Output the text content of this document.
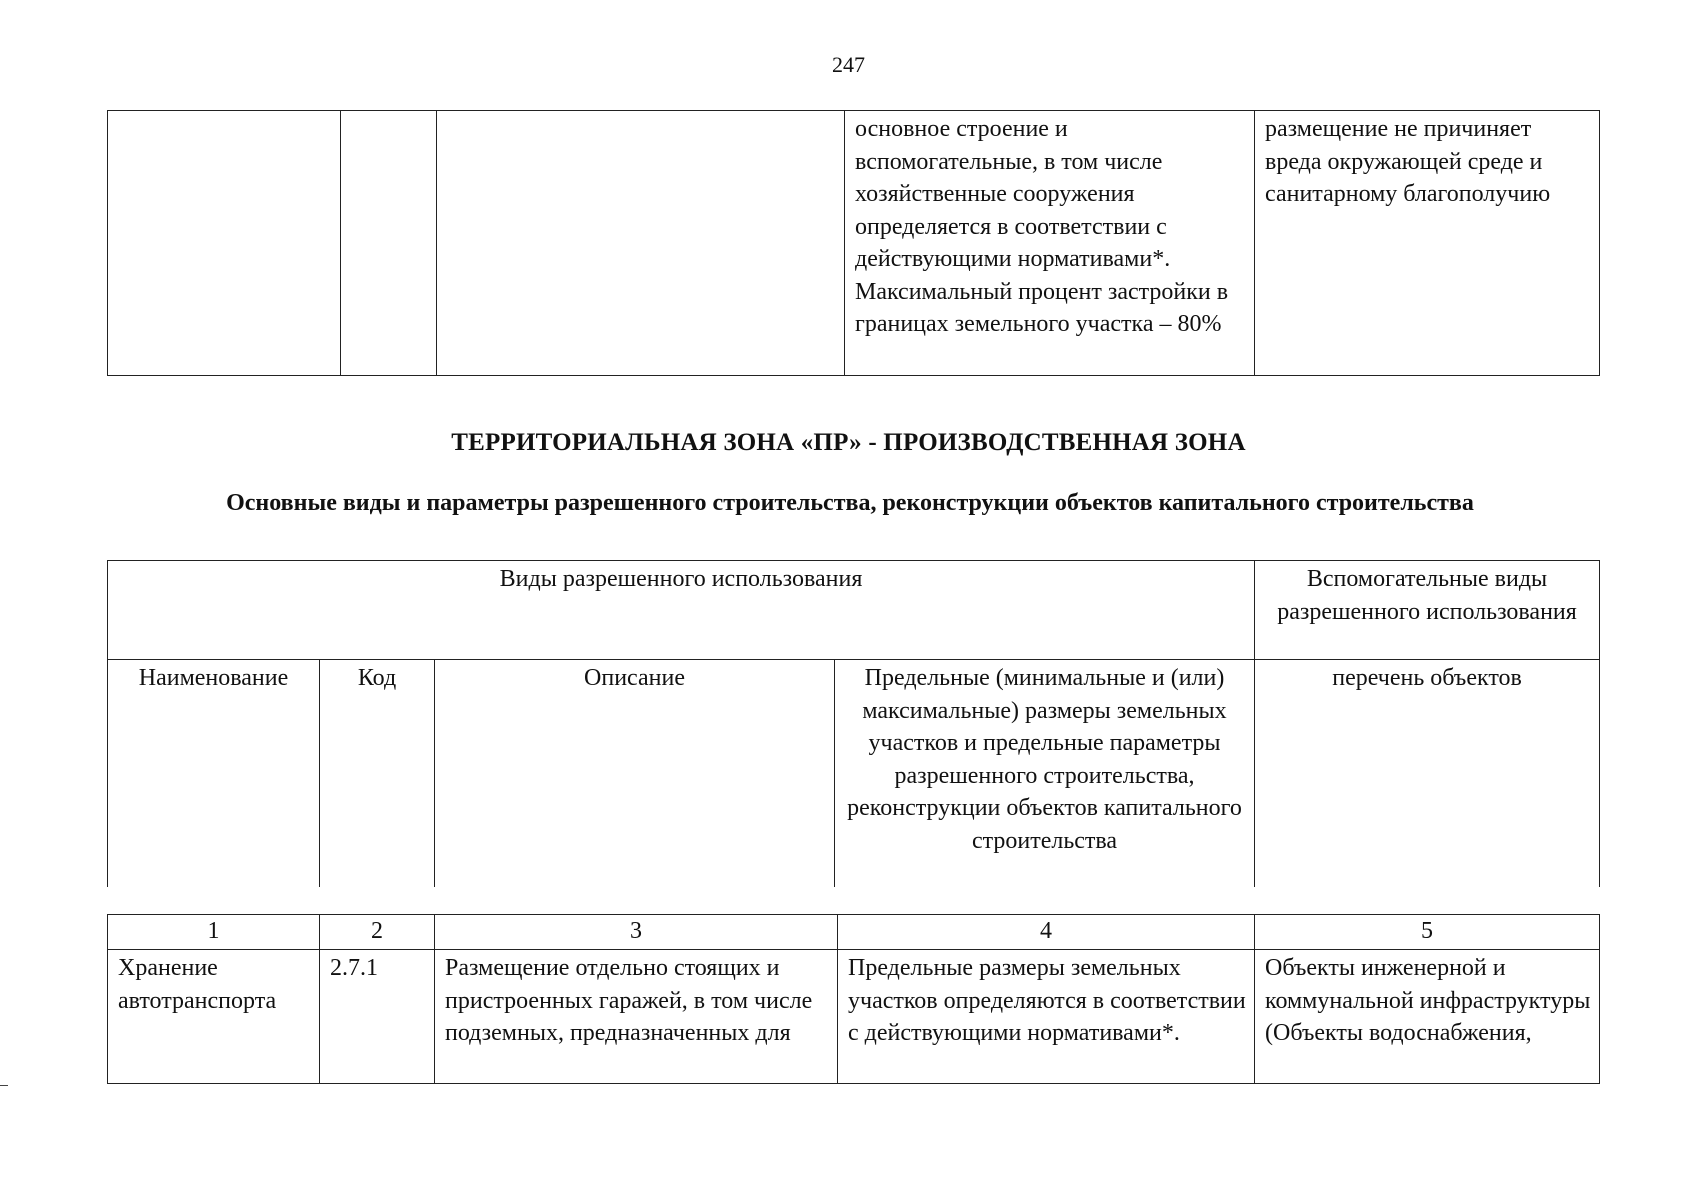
247
			основное строение и вспомогательные, в том числе хозяйственные сооружения определяется в соответствии с действующими нормативами*. Максимальный процент застройки в границах земельного участка – 80%	размещение не причиняет вреда окружающей среде и санитарному благополучию
ТЕРРИТОРИАЛЬНАЯ ЗОНА «ПР» - ПРОИЗВОДСТВЕННАЯ ЗОНА
Основные виды и параметры разрешенного строительства, реконструкции объектов капитального строительства
Виды разрешенного использования				Вспомогательные виды разрешенного использования
Наименование	Код	Описание	Предельные (минимальные и (или) максимальные) размеры земельных участков и предельные параметры разрешенного строительства, реконструкции объектов капитального строительства	перечень объектов
1	2	3	4	5
Хранение автотранспорта	2.7.1	Размещение отдельно стоящих и пристроенных гаражей, в том числе подземных, предназначенных для	Предельные размеры земельных участков определяются в соответствии с действующими нормативами*.	Объекты инженерной и коммунальной инфраструктуры (Объекты водоснабжения,
